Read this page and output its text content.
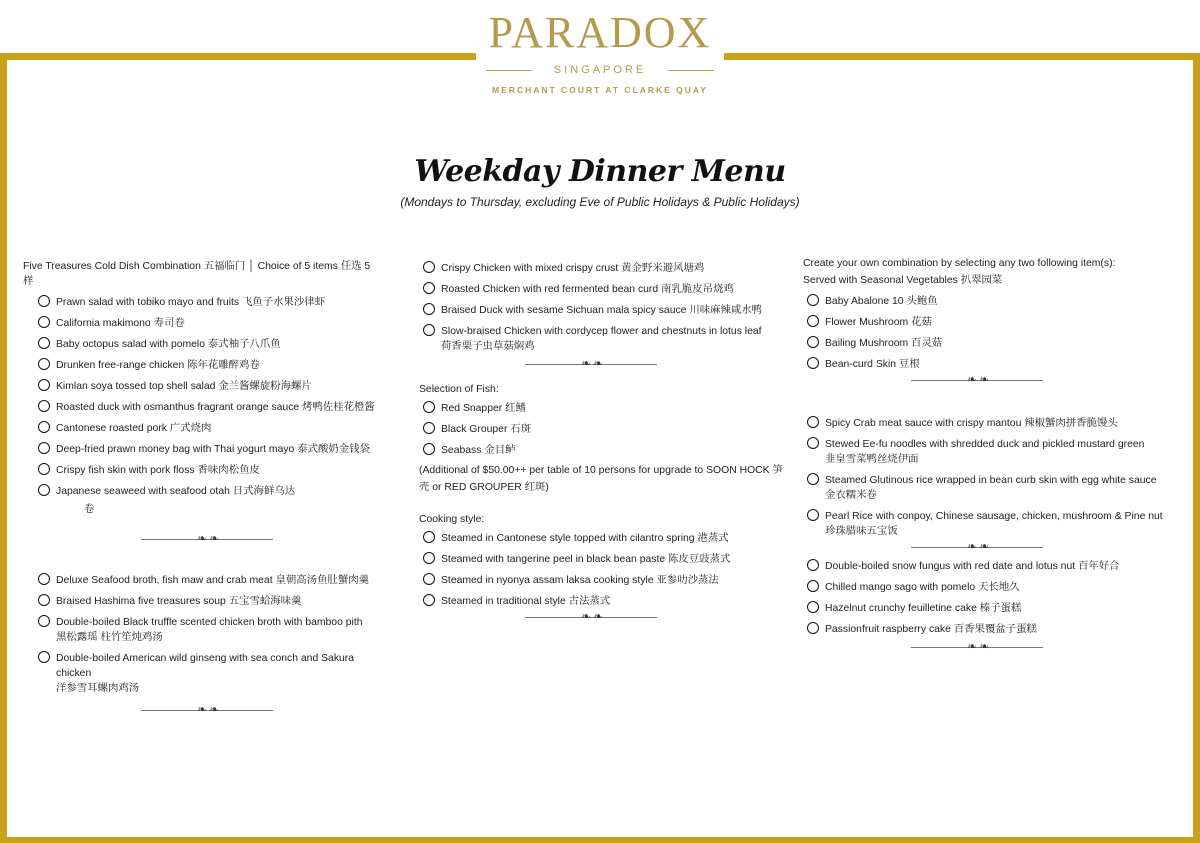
PARADOX
SINGAPORE
MERCHANT COURT AT CLARKE QUAY
Weekday Dinner Menu
(Mondays to Thursday, excluding Eve of Public Holidays & Public Holidays)
Five Treasures Cold Dish Combination 五福临门 │ Choice of 5 items 任选 5 样
Prawn salad with tobiko mayo and fruits 飞鱼子水果沙律虾
California makimono 寿司卷
Baby octopus salad with pomelo 泰式柚子八爪鱼
Drunken free-range chicken 陈年花雕醉鸡卷
Kimlan soya tossed top shell salad 金兰酱螺旋粉海螺片
Roasted duck with osmanthus fragrant orange sauce 烤鸭佐桂花橙酱
Cantonese roasted pork 广式烧肉
Deep-fried prawn money bag with Thai yogurt mayo 泰式酸奶金钱袋
Crispy fish skin with pork floss 香味肉松鱼皮
Japanese seaweed with seafood otah 日式海鲜乌达
卷
❧ ❧
Deluxe Seafood broth, fish maw and crab meat 皇朝高汤鱼肚蟹肉羹
Braised Hashima five treasures soup 五宝雪蛤海味羹
Double-boiled Black truffle scented chicken broth with bamboo pith
黑松露瑶 柱竹笙炖鸡汤
Double-boiled American wild ginseng with sea conch and Sakura chicken
洋参雪耳螺肉鸡汤
❧ ❧
Crispy Chicken with mixed crispy crust 黄金野米避风塘鸡
Roasted Chicken with red fermented bean curd 南乳脆皮吊烧鸡
Braised Duck with sesame Sichuan mala spicy sauce 川味麻辣咸水鸭
Slow-braised Chicken with cordycep flower and chestnuts in lotus leaf
荷香栗子虫草菇焖鸡
❧ ❧
Selection of Fish:
Red Snapper 红鳍
Black Grouper 石斑
Seabass 金目鲈
(Additional of $50.00++ per table of 10 persons for upgrade to SOON HOCK 笋壳 or RED GROUPER 红斑)
Cooking style:
Steamed in Cantonese style topped with cilantro spring 港蒸式
Steamed with tangerine peel in black bean paste 陈皮豆豉蒸式
Steamed in nyonya assam laksa cooking style 亚参叻沙蒸法
Steamed in traditional style 古法蒸式
❧ ❧
Create your own combination by selecting any two following item(s):
Served with Seasonal Vegetables 扒翠园菜
Baby Abalone 10 头鲍鱼
Flower Mushroom 花菇
Bailing Mushroom 百灵菇
Bean-curd Skin 豆根
❧ ❧
Spicy Crab meat sauce with crispy mantou 辣椒蟹肉拼香脆馒头
Stewed Ee-fu noodles with shredded duck and pickled mustard green
韭皇雪菜鸭丝烧伊面
Steamed Glutinous rice wrapped in bean curb skin with egg white sauce
金衣糯米卷
Pearl Rice with conpoy, Chinese sausage, chicken, mushroom & Pine nut
珍珠腊味五宝饭
❧ ❧
Double-boiled snow fungus with red date and lotus nut 百年好合
Chilled mango sago with pomelo 天长地久
Hazelnut crunchy feuilletine cake 榛子蛋糕
Passionfruit raspberry cake 百香果覆盆子蛋糕
❧ ❧
